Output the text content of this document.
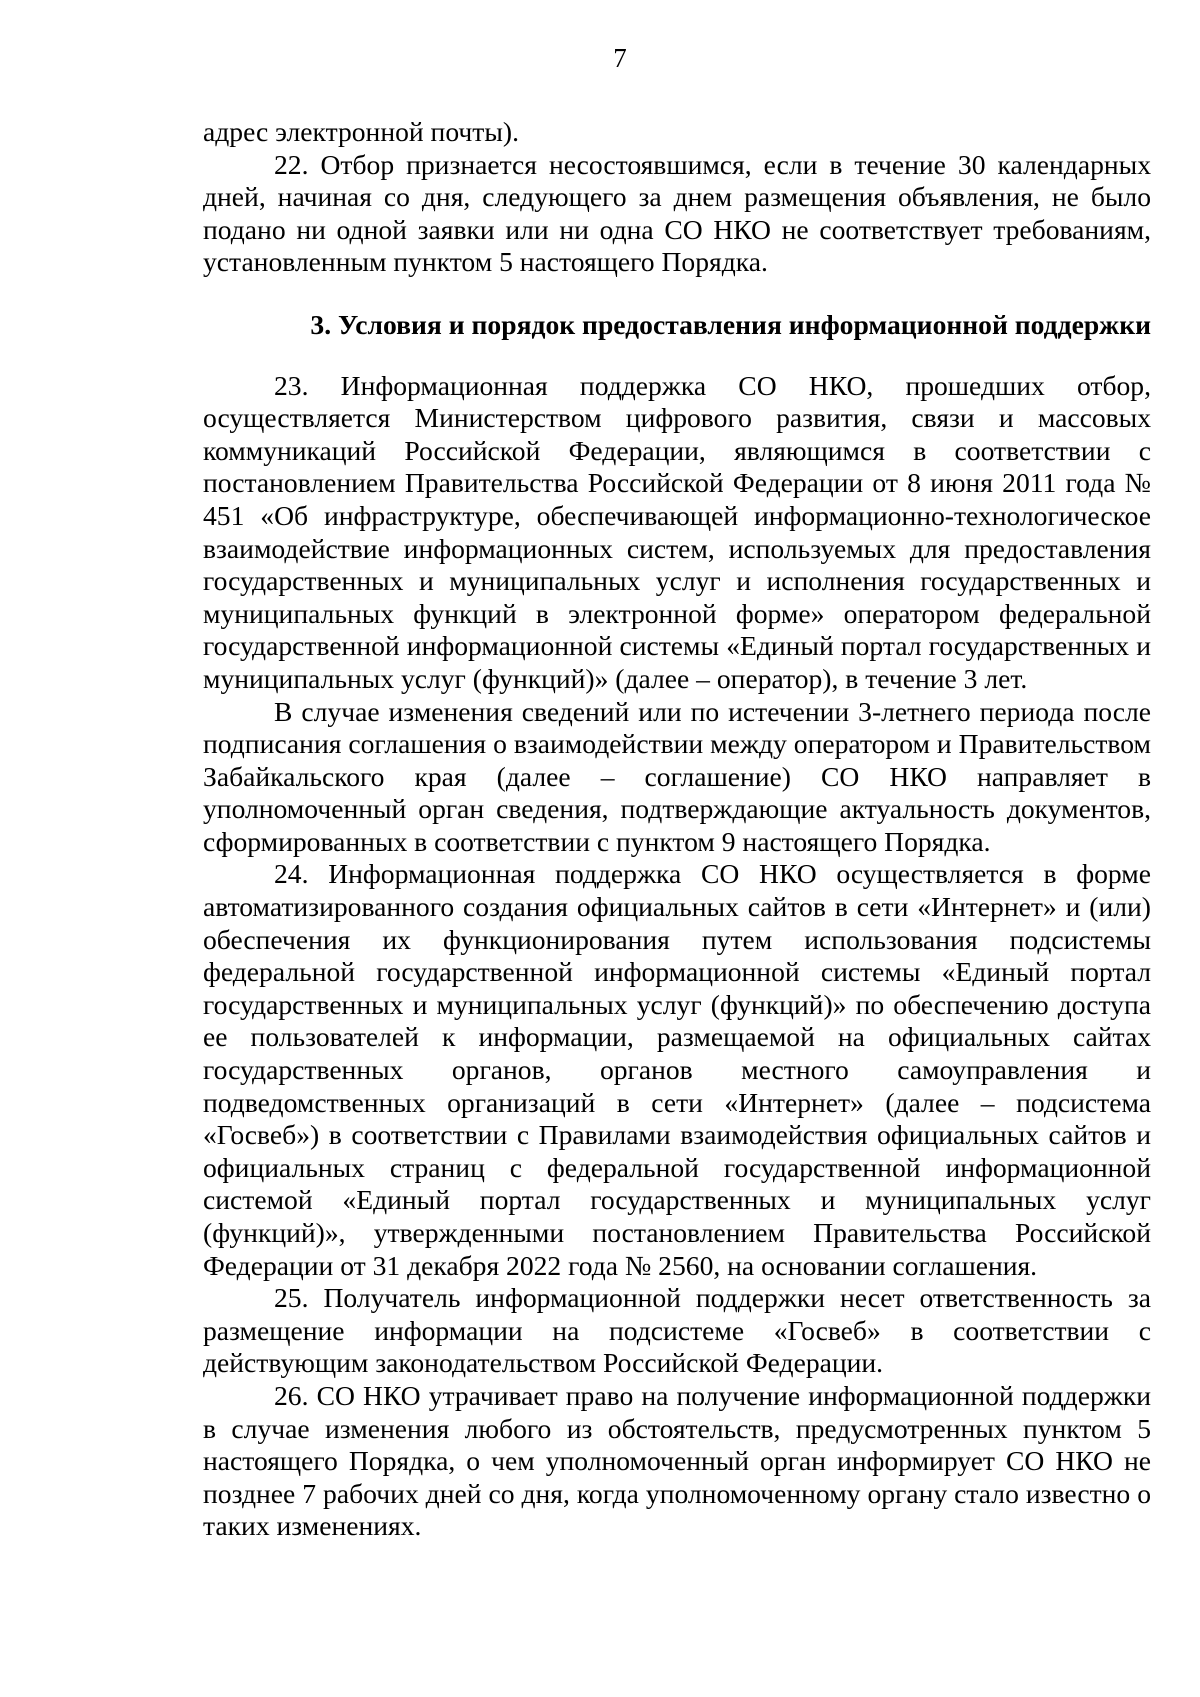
7

адрес электронной почты).

22. Отбор признается несостоявшимся, если в течение 30 календарных дней, начиная со дня, следующего за днем размещения объявления, не было подано ни одной заявки или ни одна СО НКО не соответствует требованиям, установленным пунктом 5 настоящего Порядка.

3. Условия и порядок предоставления информационной поддержки

23. Информационная поддержка СО НКО, прошедших отбор, осуществляется Министерством цифрового развития, связи и массовых коммуникаций Российской Федерации, являющимся в соответствии с постановлением Правительства Российской Федерации от 8 июня 2011 года № 451 «Об инфраструктуре, обеспечивающей информационно-технологическое взаимодействие информационных систем, используемых для предоставления государственных и муниципальных услуг и исполнения государственных и муниципальных функций в электронной форме» оператором федеральной государственной информационной системы «Единый портал государственных и муниципальных услуг (функций)» (далее – оператор), в течение 3 лет.

В случае изменения сведений или по истечении 3-летнего периода после подписания соглашения о взаимодействии между оператором и Правительством Забайкальского края (далее – соглашение) СО НКО направляет в уполномоченный орган сведения, подтверждающие актуальность документов, сформированных в соответствии с пунктом 9 настоящего Порядка.

24. Информационная поддержка СО НКО осуществляется в форме автоматизированного создания официальных сайтов в сети «Интернет» и (или) обеспечения их функционирования путем использования подсистемы федеральной государственной информационной системы «Единый портал государственных и муниципальных услуг (функций)» по обеспечению доступа ее пользователей к информации, размещаемой на официальных сайтах государственных органов, органов местного самоуправления и подведомственных организаций в сети «Интернет» (далее – подсистема «Госвеб») в соответствии с Правилами взаимодействия официальных сайтов и официальных страниц с федеральной государственной информационной системой «Единый портал государственных и муниципальных услуг (функций)», утвержденными постановлением Правительства Российской Федерации от 31 декабря 2022 года № 2560, на основании соглашения.

25. Получатель информационной поддержки несет ответственность за размещение информации на подсистеме «Госвеб» в соответствии с действующим законодательством Российской Федерации.

26. СО НКО утрачивает право на получение информационной поддержки в случае изменения любого из обстоятельств, предусмотренных пунктом 5 настоящего Порядка, о чем уполномоченный орган информирует СО НКО не позднее 7 рабочих дней со дня, когда уполномоченному органу стало известно о таких изменениях.
